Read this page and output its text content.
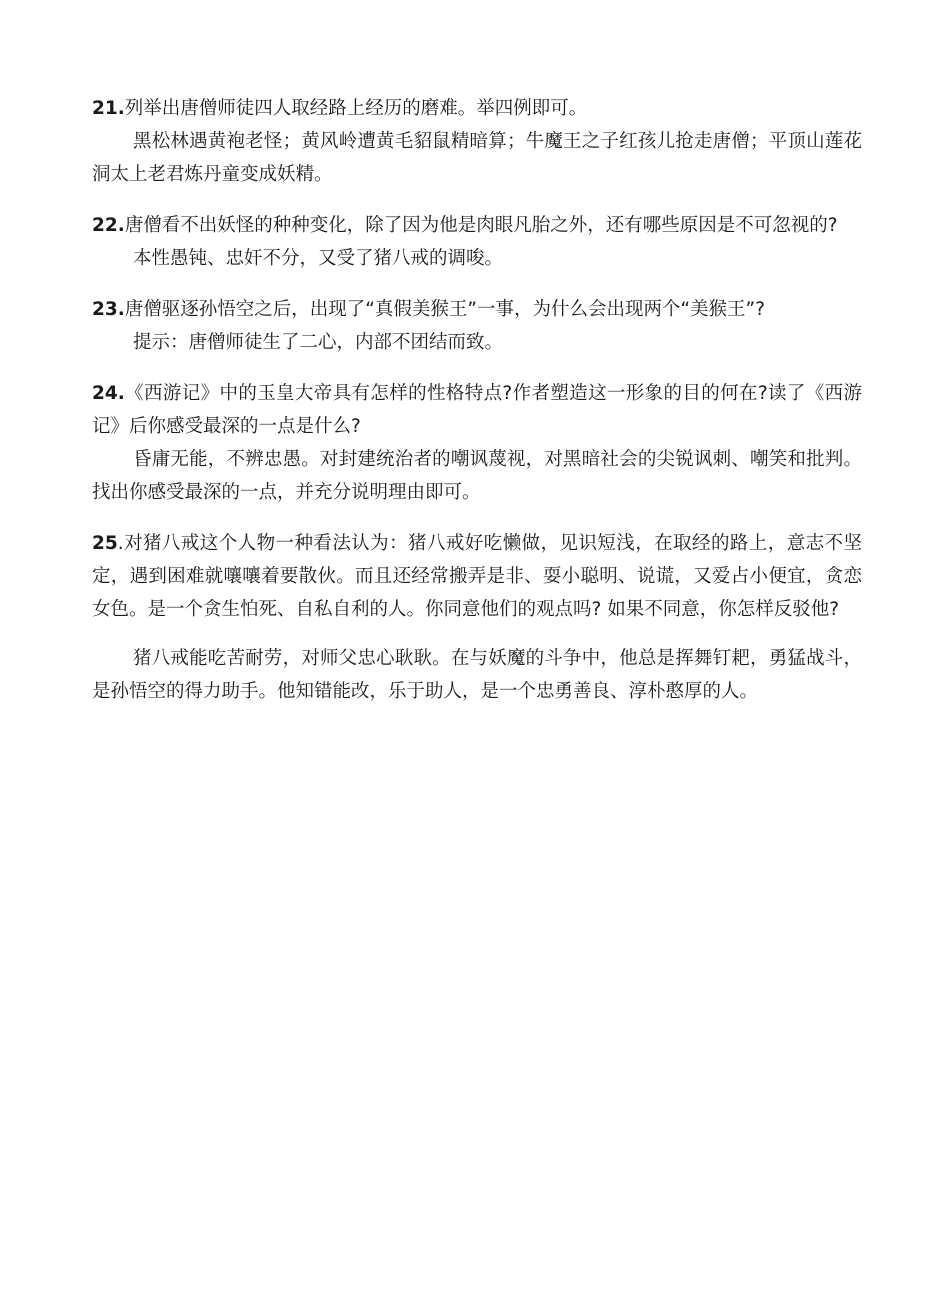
21.列举出唐僧师徒四人取经路上经历的磨难。举四例即可。

黑松林遇黄袍老怪；黄风岭遭黄毛貂鼠精暗算；牛魔王之子红孩儿抢走唐僧；平顶山莲花洞太上老君炼丹童变成妖精。

22.唐僧看不出妖怪的种种变化，除了因为他是肉眼凡胎之外，还有哪些原因是不可忽视的?

本性愚钝、忠奸不分，又受了猪八戒的调唆。

23.唐僧驱逐孙悟空之后，出现了“真假美猴王”一事，为什么会出现两个“美猴王”?

提示：唐僧师徒生了二心，内部不团结而致。

24.《西游记》中的玉皇大帝具有怎样的性格特点?作者塑造这一形象的目的何在?读了《西游记》后你感受最深的一点是什么?

昏庸无能，不辨忠愚。对封建统治者的嘲讽蔑视，对黑暗社会的尖锐讽刺、嘲笑和批判。找出你感受最深的一点，并充分说明理由即可。

25.对猪八戒这个人物一种看法认为：猪八戒好吃懒做，见识短浅，在取经的路上，意志不坚定，遇到困难就嚷嚷着要散伙。而且还经常搬弄是非、耍小聪明、说谎，又爱占小便宜，贪恋女色。是一个贪生怕死、自私自利的人。你同意他们的观点吗? 如果不同意，你怎样反驳他?

猪八戒能吃苦耐劳，对师父忠心耿耿。在与妖魔的斗争中，他总是挥舞钉耙，勇猛战斗，是孙悟空的得力助手。他知错能改，乐于助人，是一个忠勇善良、淳朴憨厚的人。
